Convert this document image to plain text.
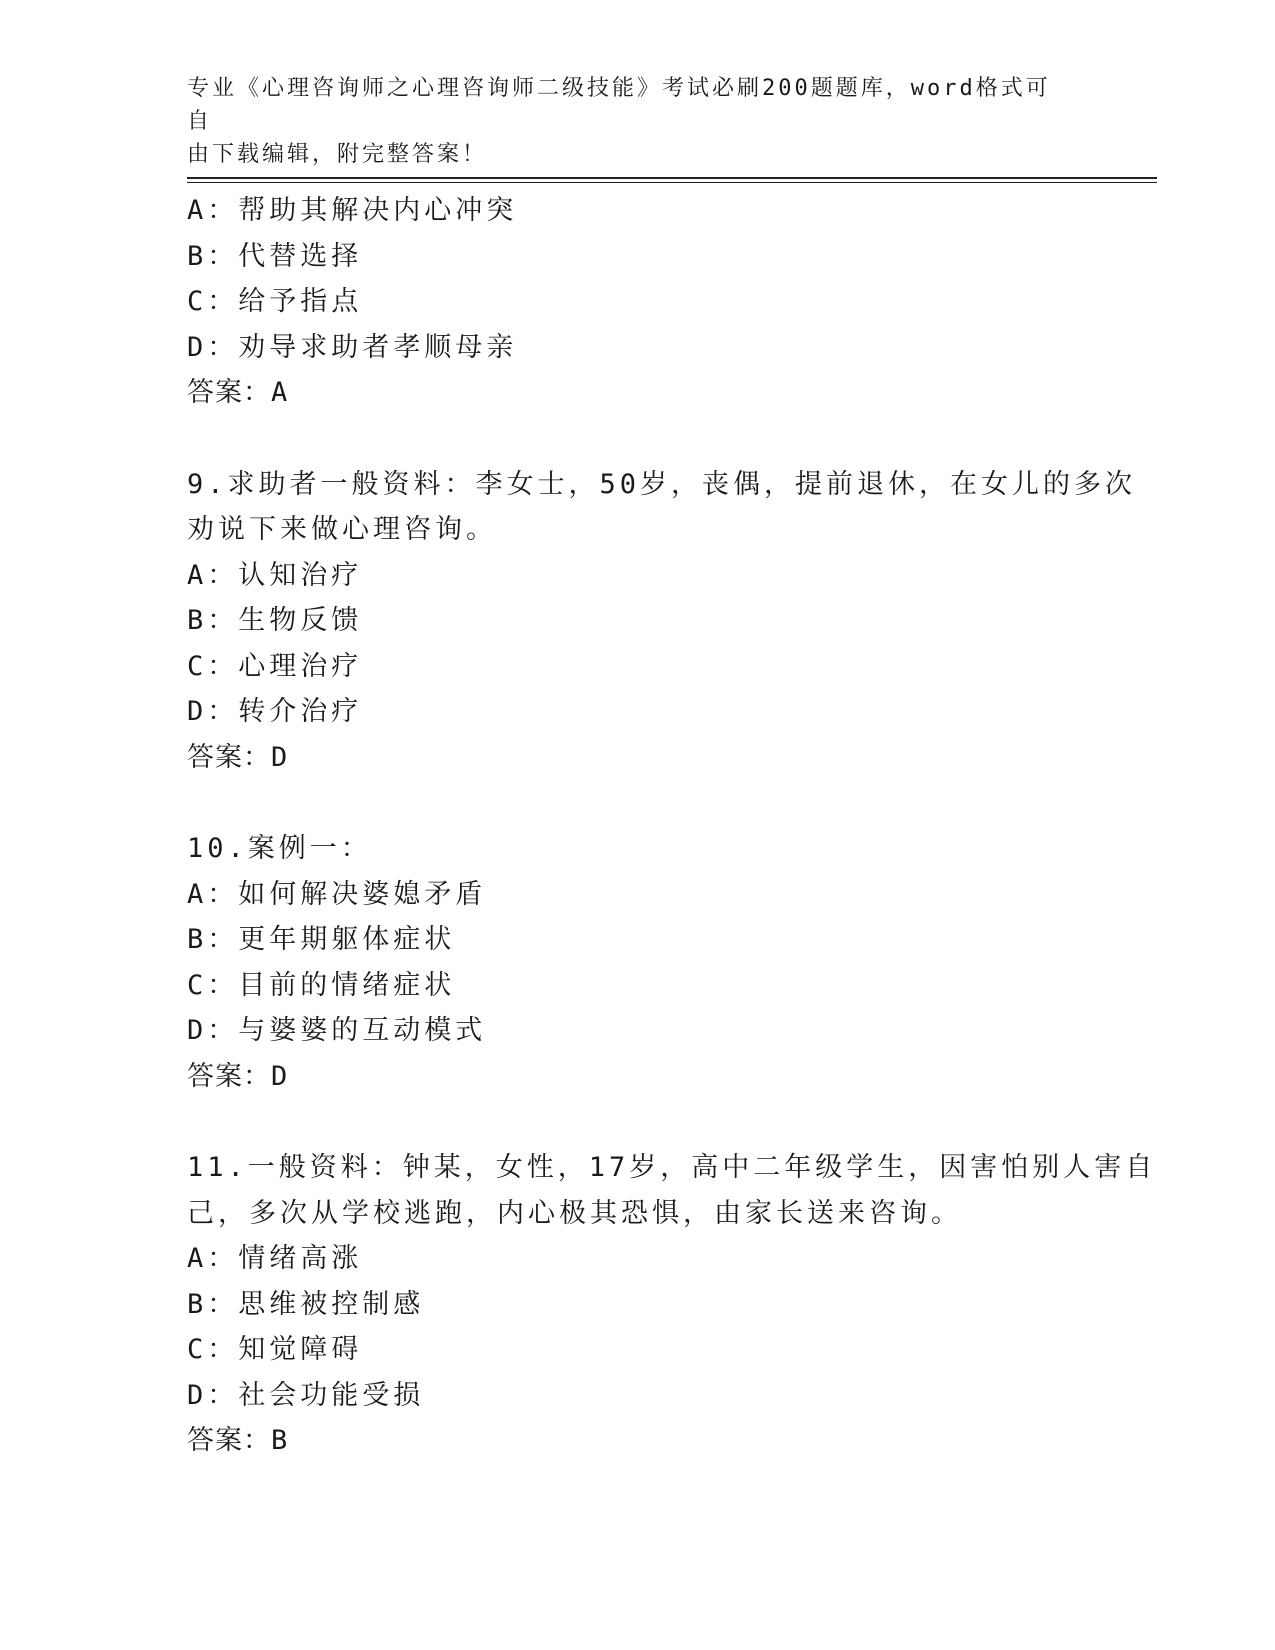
专业《心理咨询师之心理咨询师二级技能》考试必刷200题题库，word格式可自
由下载编辑，附完整答案！
A：帮助其解决内心冲突
B：代替选择
C：给予指点
D：劝导求助者孝顺母亲
答案：A
9.求助者一般资料：李女士，50岁，丧偶，提前退休，在女儿的多次
劝说下来做心理咨询。
A：认知治疗
B：生物反馈
C：心理治疗
D：转介治疗
答案：D
10.案例一：
A：如何解决婆媳矛盾
B：更年期躯体症状
C：目前的情绪症状
D：与婆婆的互动模式
答案：D
11.一般资料：钟某，女性，17岁，高中二年级学生，因害怕别人害自
己，多次从学校逃跑，内心极其恐惧，由家长送来咨询。
A：情绪高涨
B：思维被控制感
C：知觉障碍
D：社会功能受损
答案：B
